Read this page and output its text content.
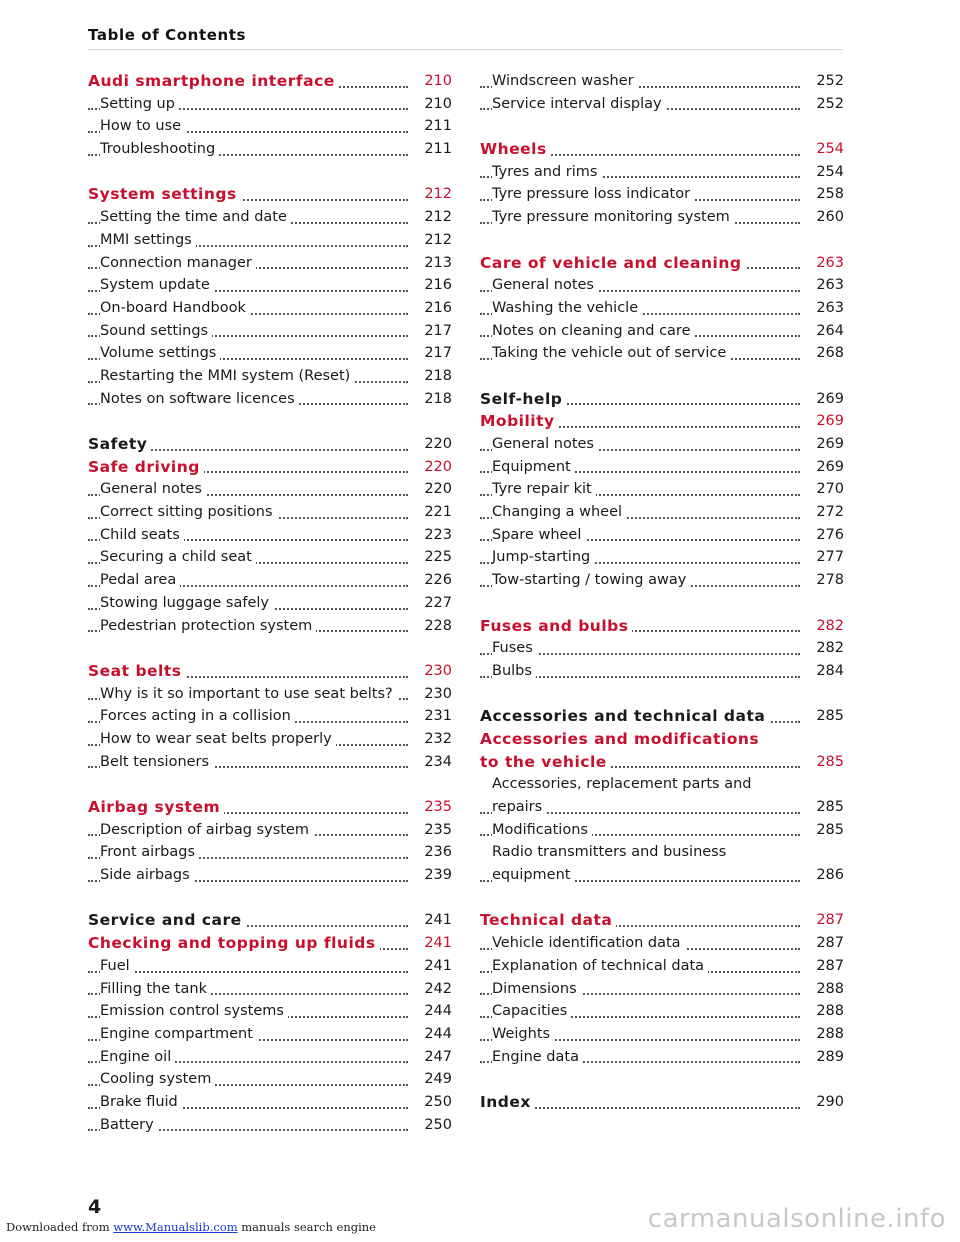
Table of Contents
Audi smartphone interface	210
Setting up	210
How to use	211
Troubleshooting	211
System settings	212
Setting the time and date	212
MMI settings	212
Connection manager	213
System update	216
On-board Handbook	216
Sound settings	217
Volume settings	217
Restarting the MMI system (Reset)	218
Notes on software licences	218
Safety	220
Safe driving	220
General notes	220
Correct sitting positions	221
Child seats	223
Securing a child seat	225
Pedal area	226
Stowing luggage safely	227
Pedestrian protection system	228
Seat belts	230
Why is it so important to use seat belts?	230
Forces acting in a collision	231
How to wear seat belts properly	232
Belt tensioners	234
Airbag system	235
Description of airbag system	235
Front airbags	236
Side airbags	239
Service and care	241
Checking and topping up fluids	241
Fuel	241
Filling the tank	242
Emission control systems	244
Engine compartment	244
Engine oil	247
Cooling system	249
Brake fluid	250
Battery	250
Windscreen washer	252
Service interval display	252
Wheels	254
Tyres and rims	254
Tyre pressure loss indicator	258
Tyre pressure monitoring system	260
Care of vehicle and cleaning	263
General notes	263
Washing the vehicle	263
Notes on cleaning and care	264
Taking the vehicle out of service	268
Self-help	269
Mobility	269
General notes	269
Equipment	269
Tyre repair kit	270
Changing a wheel	272
Spare wheel	276
Jump-starting	277
Tow-starting / towing away	278
Fuses and bulbs	282
Fuses	282
Bulbs	284
Accessories and technical data	285
Accessories and modifications
to the vehicle	285
Accessories, replacement parts and
repairs	285
Modifications	285
Radio transmitters and business
equipment	286
Technical data	287
Vehicle identification data	287
Explanation of technical data	287
Dimensions	288
Capacities	288
Weights	288
Engine data	289
Index	290
4
Downloaded from www.Manualslib.com manuals search engine	carmanualsonline.info
